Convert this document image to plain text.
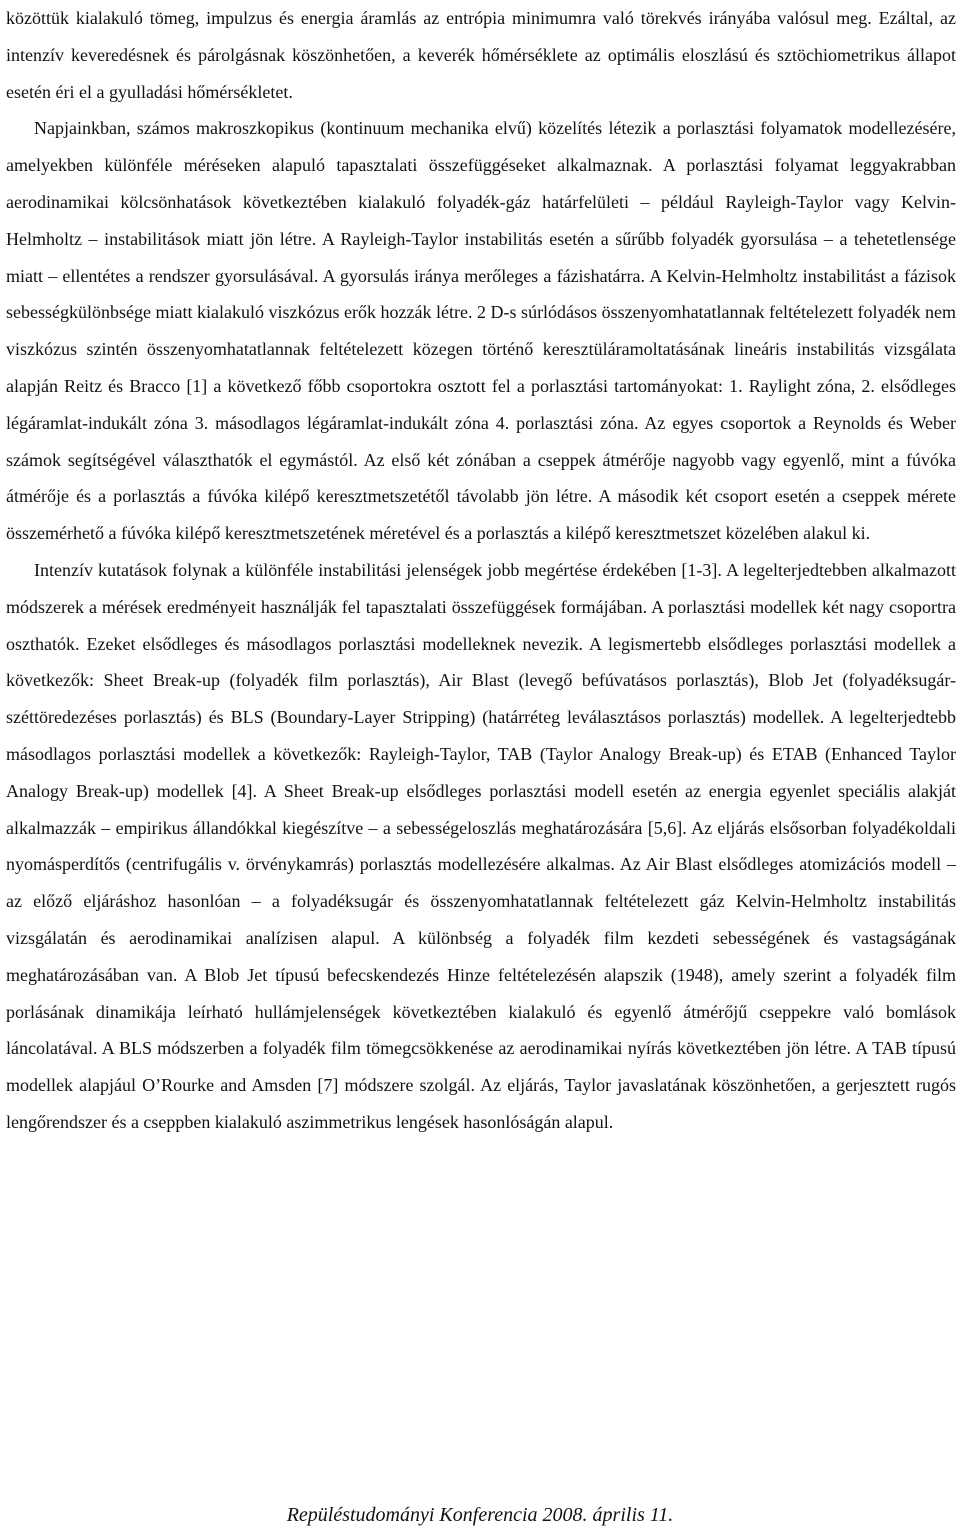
közöttük kialakuló tömeg, impulzus és energia áramlás az entrópia minimumra való törekvés irányába valósul meg. Ezáltal, az intenzív keveredésnek és párolgásnak köszönhetően, a keverék hőmérséklete az optimális eloszlású és sztöchiometrikus állapot esetén éri el a gyulladási hőmérsékletet.

Napjainkban, számos makroszkopikus (kontinuum mechanika elvű) közelítés létezik a porlasztási folyamatok modellezésére, amelyekben különféle méréseken alapuló tapasztalati összefüggéseket alkalmaznak. A porlasztási folyamat leggyakrabban aerodinamikai kölcsönhatások következtében kialakuló folyadék-gáz határfelületi – például Rayleigh-Taylor vagy Kelvin-Helmholtz – instabilitások miatt jön létre. A Rayleigh-Taylor instabilitás esetén a sűrűbb folyadék gyorsulása – a tehetetlensége miatt – ellentétes a rendszer gyorsulásával. A gyorsulás iránya merőleges a fázishatárra. A Kelvin-Helmholtz instabilitást a fázisok sebességkülönbsége miatt kialakuló viszkózus erők hozzák létre. 2 D-s súrlódásos összenyomhatatlannak feltételezett folyadék nem viszkózus szintén összenyomhatatlannak feltételezett közegen történő keresztüláramoltatásának lineáris instabilitás vizsgálata alapján Reitz és Bracco [1] a következő főbb csoportokra osztott fel a porlasztási tartományokat: 1. Raylight zóna, 2. elsődleges légáramlat-indukált zóna 3. másodlagos légáramlat-indukált zóna 4. porlasztási zóna. Az egyes csoportok a Reynolds és Weber számok segítségével választhatók el egymástól. Az első két zónában a cseppek átmérője nagyobb vagy egyenlő, mint a fúvóka átmérője és a porlasztás a fúvóka kilépő keresztmetszetétől távolabb jön létre. A második két csoport esetén a cseppek mérete összemérhető a fúvóka kilépő keresztmetszetének méretével és a porlasztás a kilépő keresztmetszet közelében alakul ki.

Intenzív kutatások folynak a különféle instabilitási jelenségek jobb megértése érdekében [1-3]. A legelterjedtebben alkalmazott módszerek a mérések eredményeit használják fel tapasztalati összefüggések formájában. A porlasztási modellek két nagy csoportra oszthatók. Ezeket elsődleges és másodlagos porlasztási modelleknek nevezik. A legismertebb elsődleges porlasztási modellek a következők: Sheet Break-up (folyadék film porlasztás), Air Blast (levegő befúvatásos porlasztás), Blob Jet (folyadéksugár-széttöredezéses porlasztás) és BLS (Boundary-Layer Stripping) (határréteg leválasztásos porlasztás) modellek. A legelterjedtebb másodlagos porlasztási modellek a következők: Rayleigh-Taylor, TAB (Taylor Analogy Break-up) és ETAB (Enhanced Taylor Analogy Break-up) modellek [4]. A Sheet Break-up elsődleges porlasztási modell esetén az energia egyenlet speciális alakját alkalmazzák – empirikus állandókkal kiegészítve – a sebességeloszlás meghatározására [5,6]. Az eljárás elsősorban folyadékoldali nyomásperdítős (centrifugális v. örvénykamrás) porlasztás modellezésére alkalmas. Az Air Blast elsődleges atomizációs modell – az előző eljáráshoz hasonlóan – a folyadéksugár és összenyomhatatlannak feltételezett gáz Kelvin-Helmholtz instabilitás vizsgálatán és aerodinamikai analízisen alapul. A különbség a folyadék film kezdeti sebességének és vastagságának meghatározásában van. A Blob Jet típusú befecskendezés Hinze feltételezésén alapszik (1948), amely szerint a folyadék film porlásának dinamikája leírható hullámjelenségek következtében kialakuló és egyenlő átmérőjű cseppekre való bomlások láncolatával. A BLS módszerben a folyadék film tömegcsökkenése az aerodinamikai nyírás következtében jön létre. A TAB típusú modellek alapjául O’Rourke and Amsden [7] módszere szolgál. Az eljárás, Taylor javaslatának köszönhetően, a gerjesztett rugós lengőrendszer és a cseppben kialakuló aszimmetrikus lengések hasonlóságán alapul.

Repüléstudományi Konferencia 2008. április 11.
